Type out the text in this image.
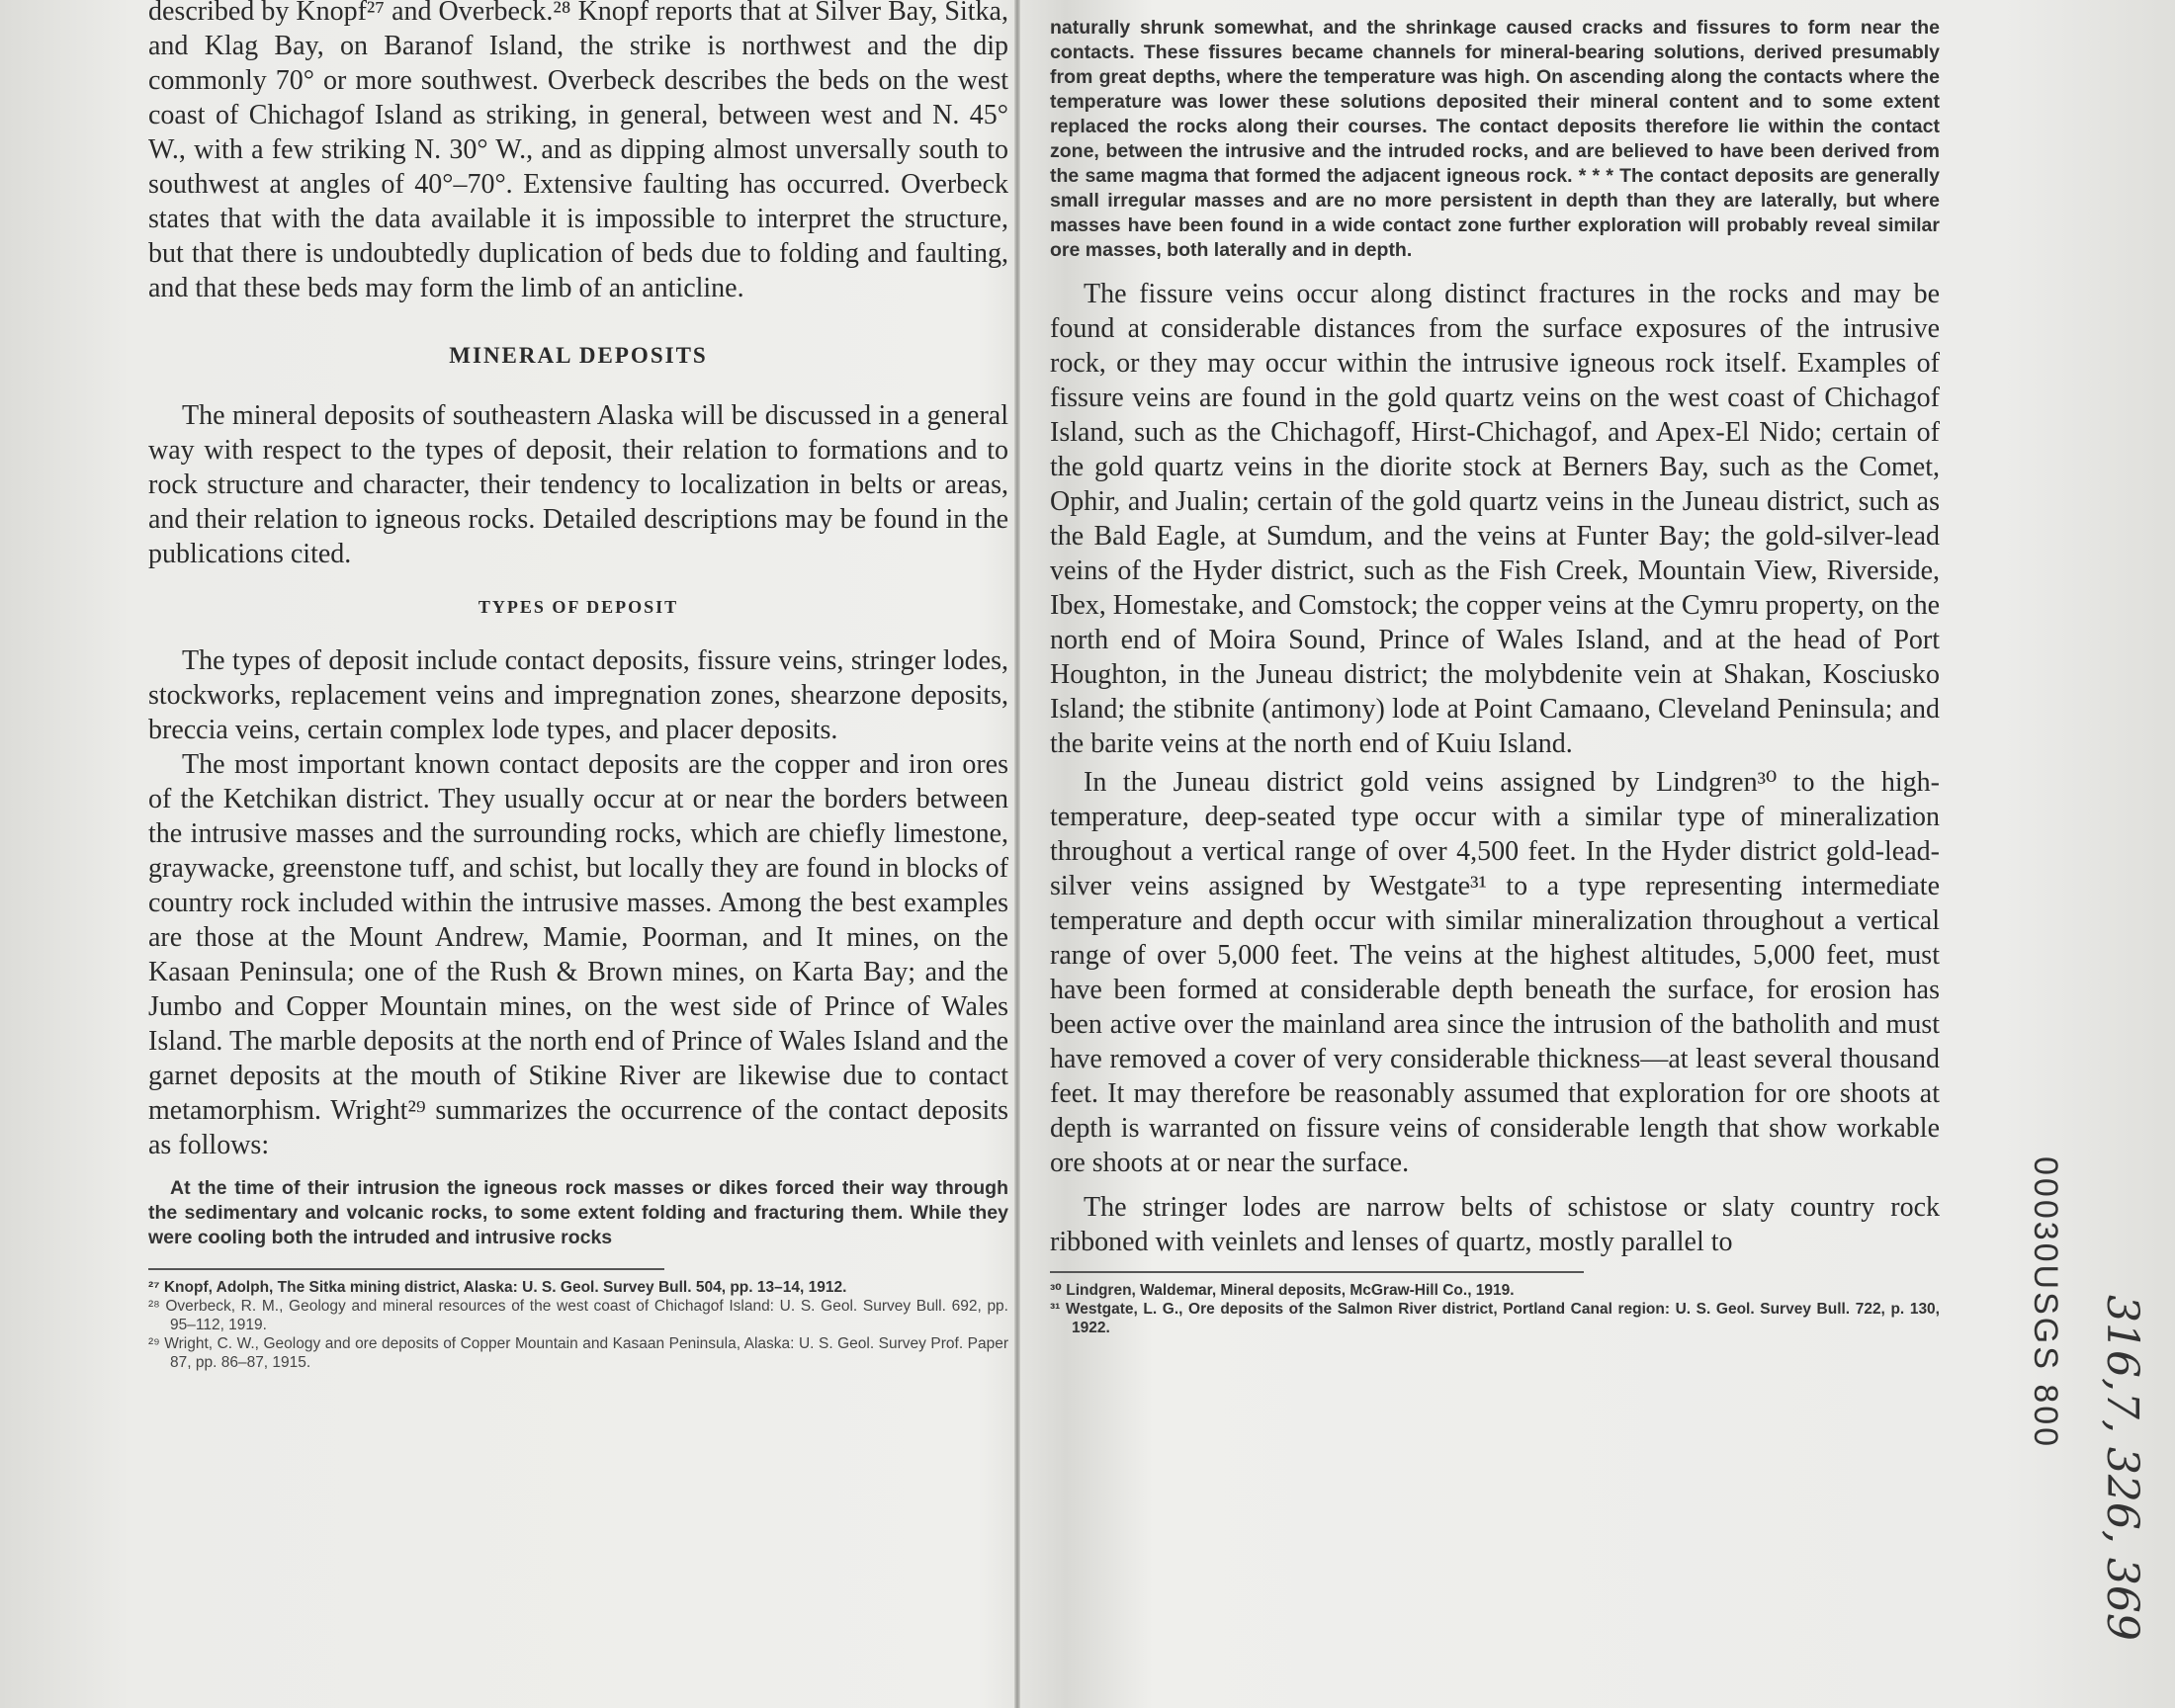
described by Knopf²⁷ and Overbeck.²⁸ Knopf reports that at Silver Bay, Sitka, and Klag Bay, on Baranof Island, the strike is northwest and the dip commonly 70° or more southwest. Overbeck describes the beds on the west coast of Chichagof Island as striking, in general, between west and N. 45° W., with a few striking N. 30° W., and as dipping almost unversally south to southwest at angles of 40°–70°. Extensive faulting has occurred. Overbeck states that with the data available it is impossible to interpret the structure, but that there is undoubtedly duplication of beds due to folding and faulting, and that these beds may form the limb of an anticline.

MINERAL DEPOSITS

The mineral deposits of southeastern Alaska will be discussed in a general way with respect to the types of deposit, their relation to formations and to rock structure and character, their tendency to localization in belts or areas, and their relation to igneous rocks. Detailed descriptions may be found in the publications cited.

TYPES OF DEPOSIT

The types of deposit include contact deposits, fissure veins, stringer lodes, stockworks, replacement veins and impregnation zones, shearzone deposits, breccia veins, certain complex lode types, and placer deposits.

The most important known contact deposits are the copper and iron ores of the Ketchikan district. They usually occur at or near the borders between the intrusive masses and the surrounding rocks, which are chiefly limestone, graywacke, greenstone tuff, and schist, but locally they are found in blocks of country rock included within the intrusive masses. Among the best examples are those at the Mount Andrew, Mamie, Poorman, and It mines, on the Kasaan Peninsula; one of the Rush & Brown mines, on Karta Bay; and the Jumbo and Copper Mountain mines, on the west side of Prince of Wales Island. The marble deposits at the north end of Prince of Wales Island and the garnet deposits at the mouth of Stikine River are likewise due to contact metamorphism. Wright²⁹ summarizes the occurrence of the contact deposits as follows:

At the time of their intrusion the igneous rock masses or dikes forced their way through the sedimentary and volcanic rocks, to some extent folding and fracturing them. While they were cooling both the intruded and intrusive rocks

²⁷ Knopf, Adolph, The Sitka mining district, Alaska: U. S. Geol. Survey Bull. 504, pp. 13–14, 1912.

²⁸ Overbeck, R. M., Geology and mineral resources of the west coast of Chichagof Island: U. S. Geol. Survey Bull. 692, pp. 95–112, 1919.

²⁹ Wright, C. W., Geology and ore deposits of Copper Mountain and Kasaan Peninsula, Alaska: U. S. Geol. Survey Prof. Paper 87, pp. 86–87, 1915.

naturally shrunk somewhat, and the shrinkage caused cracks and fissures to form near the contacts. These fissures became channels for mineral-bearing solutions, derived presumably from great depths, where the temperature was high. On ascending along the contacts where the temperature was lower these solutions deposited their mineral content and to some extent replaced the rocks along their courses. The contact deposits therefore lie within the contact zone, between the intrusive and the intruded rocks, and are believed to have been derived from the same magma that formed the adjacent igneous rock. * * * The contact deposits are generally small irregular masses and are no more persistent in depth than they are laterally, but where masses have been found in a wide contact zone further exploration will probably reveal similar ore masses, both laterally and in depth.

The fissure veins occur along distinct fractures in the rocks and may be found at considerable distances from the surface exposures of the intrusive rock, or they may occur within the intrusive igneous rock itself. Examples of fissure veins are found in the gold quartz veins on the west coast of Chichagof Island, such as the Chichagoff, Hirst-Chichagof, and Apex-El Nido; certain of the gold quartz veins in the diorite stock at Berners Bay, such as the Comet, Ophir, and Jualin; certain of the gold quartz veins in the Juneau district, such as the Bald Eagle, at Sumdum, and the veins at Funter Bay; the gold-silver-lead veins of the Hyder district, such as the Fish Creek, Mountain View, Riverside, Ibex, Homestake, and Comstock; the copper veins at the Cymru property, on the north end of Moira Sound, Prince of Wales Island, and at the head of Port Houghton, in the Juneau district; the molybdenite vein at Shakan, Kosciusko Island; the stibnite (antimony) lode at Point Camaano, Cleveland Peninsula; and the barite veins at the north end of Kuiu Island.

In the Juneau district gold veins assigned by Lindgren³⁰ to the high-temperature, deep-seated type occur with a similar type of mineralization throughout a vertical range of over 4,500 feet. In the Hyder district gold-lead-silver veins assigned by Westgate³¹ to a type representing intermediate temperature and depth occur with similar mineralization throughout a vertical range of over 5,000 feet. The veins at the highest altitudes, 5,000 feet, must have been formed at considerable depth beneath the surface, for erosion has been active over the mainland area since the intrusion of the batholith and must have removed a cover of very considerable thickness—at least several thousand feet. It may therefore be reasonably assumed that exploration for ore shoots at depth is warranted on fissure veins of considerable length that show workable ore shoots at or near the surface.

The stringer lodes are narrow belts of schistose or slaty country rock ribboned with veinlets and lenses of quartz, mostly parallel to

³⁰ Lindgren, Waldemar, Mineral deposits, McGraw-Hill Co., 1919.

³¹ Westgate, L. G., Ore deposits of the Salmon River district, Portland Canal region: U. S. Geol. Survey Bull. 722, p. 130, 1922.	00030USGS 800 316,7, 326, 369
